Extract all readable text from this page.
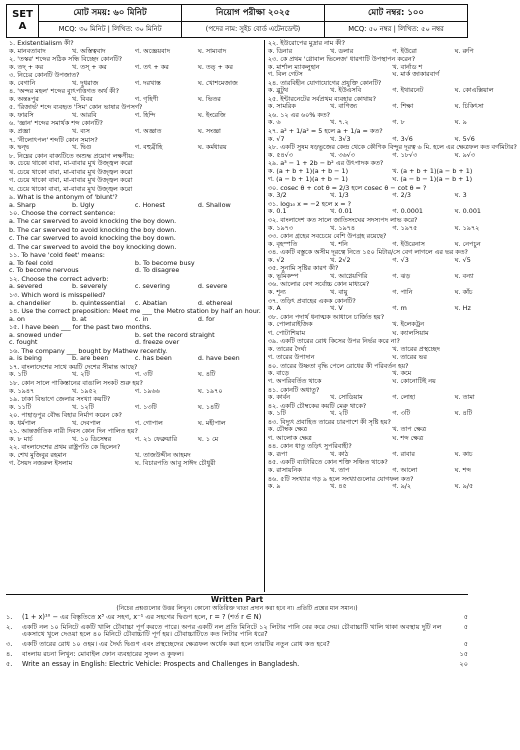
SET
A
মোট সময়: ৬০ মিনিট
MCQ: ৩০ মিনিট | লিখিত: ৩০ মিনিট
নিয়োগ পরীক্ষা ২০২৫
(পদের নাম: সুইচ বোর্ড এটেনডেন্ট)
মোট নম্বর: ১০০
MCQ: ৫০ নম্বর | লিখিত: ৫০ নম্বর
১. Existentialism কী?
ক. মানবতাবাদ	খ. অস্তিত্ববাদ	গ. অজ্ঞেয়বাদ	ঘ. সাম্যবাদ
২. 'তস্কর' শব্দের সঠিক সন্ধি বিচ্ছেদ কোনটি?
ক. তদ্ + কর	খ. তস্ + কর	গ. তৎ + কর	ঘ. তত্ + কর
৩. নিচের কোনটি উপজাত?
ক. বেগানি	খ. দুধরাজ	গ. দরখাস্ত	ঘ. খোশমেজাজ
৪. 'অন্দর মহল' শব্দের ব্যুৎপত্তিগত অর্থ কী?
ক. অন্তঃপুর	খ. বিবর	গ. গৃহিণী	ঘ. ভিতর
৫. 'রিজার্ভ' শব্দে ব্যবহৃত 'সিম' কোন ভাষার উপসর্গ?
ক. ফারসি	খ. আরবি	গ. হিন্দি	ঘ. ইংরেজি
৬. 'জ্ঞান' শব্দের সমার্থক শব্দ কোনটি?
ক. প্রজ্ঞা	খ. ব্যস	গ. অজ্ঞাত	ঘ. সংজ্ঞা
৭. 'নীলোৎপল' শব্দটি কোন সমাস?
ক. দ্বন্দ্ব	খ. দ্বিগু	গ. বহুব্রীহি	ঘ. কর্মধারয়
৮. নিম্নের কোন বাক্যটিতে অশুদ্ধ প্রয়োগ লক্ষণীয়:
ক. চেয়ে থাকো বাবা, মা-বাবার মুখ উজ্জ্বল করো
খ. চেয়ে থাকো বাবা, মা-বাবার মুখ উজ্জ্বল করো
গ. চেয়ে থাকো বাবা, মা-বাবার মুখ উজ্জ্বল করো
ঘ. চেয়ে থাকো বাবা, মা-বাবার মুখ উজ্জ্বল করো
৯. What is the antonym of 'blunt'?
a. Sharp	b. Ugly	c. Honest	d. Shallow
১০. Choose the correct sentence:
a. The car swerved to avoid knocking the boy down.
b. The car swerved to avoid knocking the boy down.
c. The car swerved to avoid knocking the boy down.
d. The car swerved to avoid the boy knocking down.
১১. To have 'cold feet' means:
a. To feel cold	b. To become busy
c. To become nervous	d. To disagree
১২. Choose the correct adverb:
a. severed	b. severely	c. severing	d. severe
১৩. Which word is misspelled?
a. chandelier	b. quintessential	c. Abatian	d. ethereal
১৪. Use the correct preposition: Meet me ___ the Metro station by half an hour.
a. on	b. at	c. in	d. for
১৫. I have been ___ for the past two months.
a. snowed under	b. set the record straight
c. fought	d. freeze over
১৬. The company ___ bought by Mathew recently.
a. is being	b. are been	c. has been	d. have been
১৭. বাংলাদেশের সাথে কয়টি দেশের সীমান্ত আছে?
ক. ১টি	খ. ২টি	গ. ৩টি	ঘ. ৪টি
১৮. কোন সালে পাকিস্তানের বাঙালি সংকট শুরু হয়?
ক. ১৯৪৭	খ. ১৯৫২	গ. ১৯৬৬	ঘ. ১৯৭০
১৯. ঢাকা বিভাগে জেলার সংখ্যা কয়টি?
ক. ১১টি	খ. ১২টি	গ. ১৩টি	ঘ. ১৪টি
২০. পাহাড়পুর বৌদ্ধ বিহার নির্মাণ করেন কে?
ক. ধর্মপাল	খ. দেবপাল	গ. গোপাল	ঘ. মহীপাল
২১. আন্তর্জাতিক নারী দিবস কোন দিন পালিত হয়?
ক. ৮ মার্চ	খ. ১০ ডিসেম্বর	গ. ২১ ফেব্রুয়ারি	ঘ. ১ মে
২২. বাংলাদেশের প্রথম রাষ্ট্রপতি কে ছিলেন?
ক. শেখ মুজিবুর রহমান	খ. তাজউদ্দীন আহমদ
গ. সৈয়দ নজরুল ইসলাম	ঘ. বিচারপতি আবু সাঈদ চৌধুরী
২২. ইউরোপের মুদ্রার নাম কী?
ক. ডিনার	খ. ডলার	গ. ইউরো	ঘ. রুপি
২৩. কে প্রথম 'গ্লোবাল ভিলেজ' ধারণাটি উপস্থাপন করেন?
ক. মার্শাল ম্যাকলুহান	খ. বার্নাড শ
গ. বিল গেটস	ঘ. মার্ক জাকারবার্গ
২৪. তারবিহীন যোগাযোগের প্রযুক্তি কোনটি?
ক. ব্লুটুথ	খ. ইউএসবি	গ. ইথারনেট	ঘ. কোএক্সিয়াল
২৫. ইন্টারনেটের সর্বপ্রথম ব্যবহার কোথায়?
ক. সামরিক	খ. বাণিজ্য	গ. শিক্ষা	ঘ. চিকিৎসা
২৬. ১২ এর ৬০% কত?
ক. ৬	খ. ৭.২	গ. ৮	ঘ. ৯
২৭. a² + 1/a² = 5 হলে a + 1/a = কত?
ক. √7	খ. 3√3	গ. 3√6	ঘ. 5√6
২৮. একটি সুষম ষড়ভুজের কেন্দ্র থেকে কৌণিক বিন্দুর দূরত্ব ৬ মি. হলে এর ক্ষেত্রফল কত বর্গমিটার?
ক. ৫৪√৩	খ. ৩৬√৩	গ. ১৮√৩	ঘ. ৯√৩
২৯. a³ − 1 + 2b − b² এর উৎপাদক কত?
ক. (a + b + 1)(a + b − 1)	খ. (a + b + 1)(a − b + 1)
গ. (a − b + 1)(a + b − 1)	ঘ. (a − b − 1)(a − b + 1)
৩০. cosec θ + cot θ = 2/3 হলে cosec θ − cot θ = ?
ক. 3/2	খ. 1/3	গ. 2/3	ঘ. 3
৩১. log₁₀ x = −2 হলে x = ?
ক. 0.1	খ. 0.01	গ. 0.0001	ঘ. 0.001
৩২. বাংলাদেশ কত সালে জাতিসংঘের সদস্যপদ লাভ করে?
ক. ১৯৭৩	খ. ১৯৭৪	গ. ১৯৭৫	ঘ. ১৯৭২
৩৩. কোন গ্রহের সবচেয়ে বেশি উপগ্রহ রয়েছে?
ক. বৃহস্পতি	খ. শনি	গ. ইউরেনাস	ঘ. নেপচুন
৩৪. একটি বস্তুকে অসীম দূরত্বে নিতে ১৫০ মিটার/সে বেগ লাগলে এর ভর কত?
ক. √2	খ. 2√2	গ. √3	ঘ. √5
৩৫. সুনামি সৃষ্টির কারণ কী?
ক. ভূমিকম্প	খ. আগ্নেয়গিরি	গ. ঝড়	ঘ. বন্যা
৩৬. আলোর বেগ সর্বোচ্চ কোন মাধ্যমে?
ক. শূন্য	খ. বায়ু	গ. পানি	ঘ. কাঁচ
৩৭. তড়িৎ প্রবাহের একক কোনটি?
ক. A	খ. V	গ. m	ঘ. Hz
৩৮. কোন পদার্থ ধনাত্মক আধানে চার্জিত হয়?
ক. পোলারাইজিক	খ. ইলেকট্রন
গ. পোটাশিয়াম	ঘ. ক্যালসিয়াম
৩৯. একটি তারের রোধ কিসের উপর নির্ভর করে না?
ক. তারের দৈর্ঘ্য	খ. তারের প্রস্থচ্ছেদ
গ. তারের উপাদান	ঘ. তারের ভর
৪০. তারের উষ্ণতা বৃদ্ধি পেলে রোধের কী পরিবর্তন হয়?
ক. বাড়ে	খ. কমে
গ. অপরিবর্তিত থাকে	ঘ. কোনোটিই নয়
৪১. কোনটি অধাতু?
ক. কার্বন	খ. সোডিয়াম	গ. লোহা	ঘ. তামা
৪২. একটি চৌম্বকের কয়টি মেরু থাকে?
ক. ১টি	খ. ২টি	গ. ৩টি	ঘ. ৪টি
৪৩. বিদ্যুৎ প্রবাহিত তারের চারপাশে কী সৃষ্টি হয়?
ক. চৌম্বক ক্ষেত্র	খ. তাপ ক্ষেত্র
গ. আলোক ক্ষেত্র	ঘ. শব্দ ক্ষেত্র
৪৪. কোন ধাতু তড়িৎ সুপরিবাহী?
ক. রূপা	খ. কাঠ	গ. রাবার	ঘ. কাচ
৪৫. একটি ব্যাটারিতে কোন শক্তি সঞ্চিত থাকে?
ক. রাসায়নিক	খ. তাপ	গ. আলো	ঘ. শব্দ
৪৬. ৫টি সংখ্যার গড় ৯ হলে সংখ্যাগুলোর যোগফল কত?
ক. ৯	খ. ৪৫	গ. ৯/২	ঘ. ৯/৫
Written Part
(নিচের প্রশ্নগুলোর উত্তর লিখুন। কোনো অতিরিক্ত খাতা প্রদান করা হবে না। প্রতিটি প্রশ্নের মান সমান।)
১.	(1 + x)¹⁰ − এর বিস্তৃতিতে x³ এর সহগ, x⁻¹ এর সহগের দ্বিগুণ হলে, r = ? (শর্ত r ∈ N)	৫
২.	একটি নল ১০ মিনিটে একটি খালি চৌবাচ্চা পূর্ণ করতে পারে। অপর একটি নল প্রতি মিনিটে ১২ লিটার পানি বের করে দেয়। চৌবাচ্চাটি খালি থাকা অবস্থায় দুটি নল একসাথে খুলে দেওয়া হলে ৪০ মিনিটে চৌবাচ্চাটি পূর্ণ হয়। চৌবাচ্চাটিতে কত লিটার পানি ধরে?
৫
৩.	একটি তারের রোধ ১০ ওহম। এর দৈর্ঘ্য দ্বিগুণ এবং প্রস্থচ্ছেদের ক্ষেত্রফল অর্ধেক করা হলে তারটির নতুন রোধ কত হবে?	৫
৪.	বাংলায় রচনা লিখুন: মোবাইল ফোন ব্যবহারের সুফল ও কুফল।	১৫
৫.	Write an essay in English: Electric Vehicle: Prospects and Challenges in Bangladesh.	২০
